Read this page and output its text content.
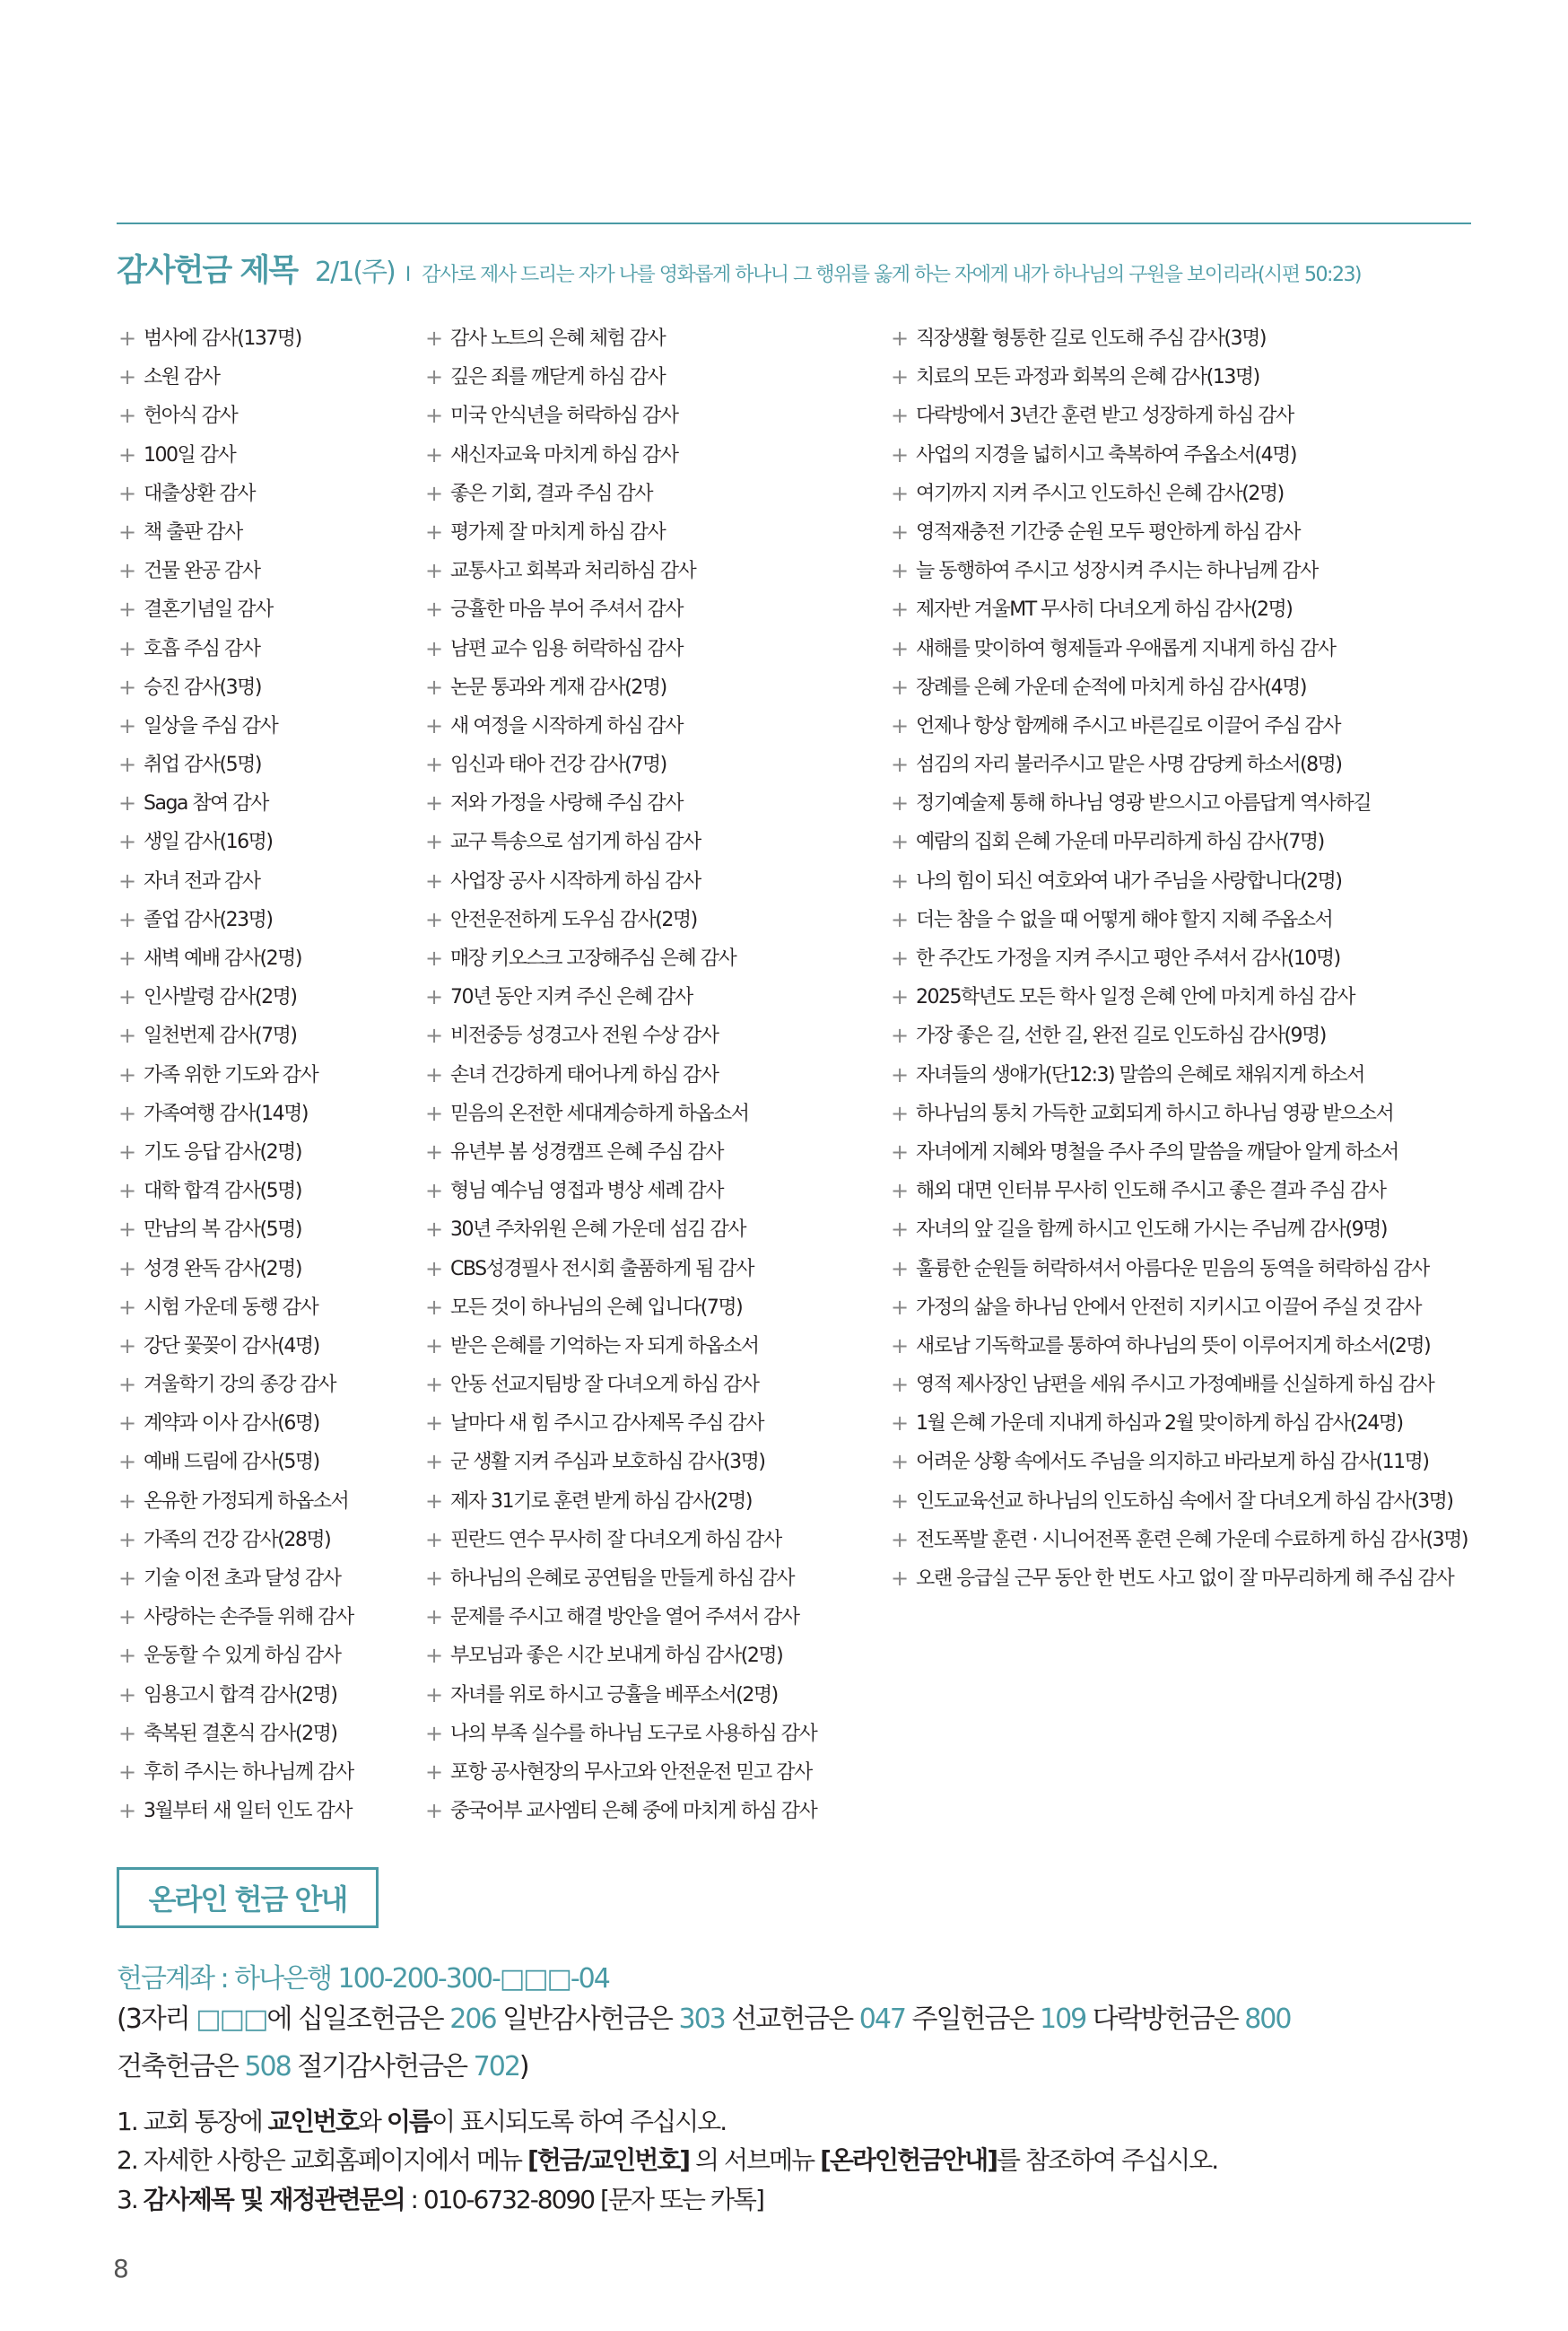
감사헌금 제목 2/1(주) I 감사로 제사 드리는 자가 나를 영화롭게 하나니 그 행위를 옳게 하는 자에게 내가 하나님의 구원을 보이리라(시편 50:23)
+ 범사에 감사(137명)
+ 소원 감사
+ 헌아식 감사
+ 100일 감사
+ 대출상환 감사
+ 책 출판 감사
+ 건물 완공 감사
+ 결혼기념일 감사
+ 호흡 주심 감사
+ 승진 감사(3명)
+ 일상을 주심 감사
+ 취업 감사(5명)
+ Saga 참여 감사
+ 생일 감사(16명)
+ 자녀 전과 감사
+ 졸업 감사(23명)
+ 새벽 예배 감사(2명)
+ 인사발령 감사(2명)
+ 일천번제 감사(7명)
+ 가족 위한 기도와 감사
+ 가족여행 감사(14명)
+ 기도 응답 감사(2명)
+ 대학 합격 감사(5명)
+ 만남의 복 감사(5명)
+ 성경 완독 감사(2명)
+ 시험 가운데 동행 감사
+ 강단 꽃꽂이 감사(4명)
+ 겨울학기 강의 종강 감사
+ 계약과 이사 감사(6명)
+ 예배 드림에 감사(5명)
+ 온유한 가정되게 하옵소서
+ 가족의 건강 감사(28명)
+ 기술 이전 초과 달성 감사
+ 사랑하는 손주들 위해 감사
+ 운동할 수 있게 하심 감사
+ 임용고시 합격 감사(2명)
+ 축복된 결혼식 감사(2명)
+ 후히 주시는 하나님께 감사
+ 3월부터 새 일터 인도 감사
+ 감사 노트의 은혜 체험 감사
+ 깊은 죄를 깨닫게 하심 감사
+ 미국 안식년을 허락하심 감사
+ 새신자교육 마치게 하심 감사
+ 좋은 기회, 결과 주심 감사
+ 평가제 잘 마치게 하심 감사
+ 교통사고 회복과 처리하심 감사
+ 긍휼한 마음 부어 주셔서 감사
+ 남편 교수 임용 허락하심 감사
+ 논문 통과와 게재 감사(2명)
+ 새 여정을 시작하게 하심 감사
+ 임신과 태아 건강 감사(7명)
+ 저와 가정을 사랑해 주심 감사
+ 교구 특송으로 섬기게 하심 감사
+ 사업장 공사 시작하게 하심 감사
+ 안전운전하게 도우심 감사(2명)
+ 매장 키오스크 고장해주심 은혜 감사
+ 70년 동안 지켜 주신 은혜 감사
+ 비전중등 성경고사 전원 수상 감사
+ 손녀 건강하게 태어나게 하심 감사
+ 믿음의 온전한 세대계승하게 하옵소서
+ 유년부 봄 성경캠프 은혜 주심 감사
+ 형님 예수님 영접과 병상 세례 감사
+ 30년 주차위원 은혜 가운데 섬김 감사
+ CBS성경필사 전시회 출품하게 됨 감사
+ 모든 것이 하나님의 은혜 입니다(7명)
+ 받은 은혜를 기억하는 자 되게 하옵소서
+ 안동 선교지팀방 잘 다녀오게 하심 감사
+ 날마다 새 힘 주시고 감사제목 주심 감사
+ 군 생활 지켜 주심과 보호하심 감사(3명)
+ 제자 31기로 훈련 받게 하심 감사(2명)
+ 핀란드 연수 무사히 잘 다녀오게 하심 감사
+ 하나님의 은혜로 공연팀을 만들게 하심 감사
+ 문제를 주시고 해결 방안을 열어 주셔서 감사
+ 부모님과 좋은 시간 보내게 하심 감사(2명)
+ 자녀를 위로 하시고 긍휼을 베푸소서(2명)
+ 나의 부족 실수를 하나님 도구로 사용하심 감사
+ 포항 공사현장의 무사고와 안전운전 믿고 감사
+ 중국어부 교사엠티 은혜 중에 마치게 하심 감사
+ 직장생활 형통한 길로 인도해 주심 감사(3명)
+ 치료의 모든 과정과 회복의 은혜 감사(13명)
+ 다락방에서 3년간 훈련 받고 성장하게 하심 감사
+ 사업의 지경을 넓히시고 축복하여 주옵소서(4명)
+ 여기까지 지켜 주시고 인도하신 은혜 감사(2명)
+ 영적재충전 기간중 순원 모두 평안하게 하심 감사
+ 늘 동행하여 주시고 성장시켜 주시는 하나님께 감사
+ 제자반 겨울MT 무사히 다녀오게 하심 감사(2명)
+ 새해를 맞이하여 형제들과 우애롭게 지내게 하심 감사
+ 장례를 은혜 가운데 순적에 마치게 하심 감사(4명)
+ 언제나 항상 함께해 주시고 바른길로 이끌어 주심 감사
+ 섬김의 자리 불러주시고 맡은 사명 감당케 하소서(8명)
+ 정기예술제 통해 하나님 영광 받으시고 아름답게 역사하길
+ 예람의 집회 은혜 가운데 마무리하게 하심 감사(7명)
+ 나의 힘이 되신 여호와여 내가 주님을 사랑합니다(2명)
+ 더는 참을 수 없을 때 어떻게 해야 할지 지혜 주옵소서
+ 한 주간도 가정을 지켜 주시고 평안 주셔서 감사(10명)
+ 2025학년도 모든 학사 일정 은혜 안에 마치게 하심 감사
+ 가장 좋은 길, 선한 길, 완전 길로 인도하심 감사(9명)
+ 자녀들의 생애가(단12:3) 말씀의 은혜로 채워지게 하소서
+ 하나님의 통치 가득한 교회되게 하시고 하나님 영광 받으소서
+ 자녀에게 지혜와 명철을 주사 주의 말씀을 깨달아 알게 하소서
+ 해외 대면 인터뷰 무사히 인도해 주시고 좋은 결과 주심 감사
+ 자녀의 앞 길을 함께 하시고 인도해 가시는 주님께 감사(9명)
+ 훌륭한 순원들 허락하셔서 아름다운 믿음의 동역을 허락하심 감사
+ 가정의 삶을 하나님 안에서 안전히 지키시고 이끌어 주실 것 감사
+ 새로남 기독학교를 통하여 하나님의 뜻이 이루어지게 하소서(2명)
+ 영적 제사장인 남편을 세워 주시고 가정예배를 신실하게 하심 감사
+ 1월 은혜 가운데 지내게 하심과 2월 맞이하게 하심 감사(24명)
+ 어려운 상황 속에서도 주님을 의지하고 바라보게 하심 감사(11명)
+ 인도교육선교 하나님의 인도하심 속에서 잘 다녀오게 하심 감사(3명)
+ 전도폭발 훈련 · 시니어전폭 훈련 은혜 가운데 수료하게 하심 감사(3명)
+ 오랜 응급실 근무 동안 한 번도 사고 없이 잘 마무리하게 해 주심 감사
온라인 헌금 안내
헌금계좌 : 하나은행 100-200-300-□□□-04
(3자리 □□□에 십일조헌금은 206 일반감사헌금은 303 선교헌금은 047 주일헌금은 109 다락방헌금은 800
건축헌금은 508 절기감사헌금은 702)
1. 교회 통장에 교인번호와 이름이 표시되도록 하여 주십시오.
2. 자세한 사항은 교회홈페이지에서 메뉴 [헌금/교인번호] 의 서브메뉴 [온라인헌금안내]를 참조하여 주십시오.
3. 감사제목 및 재정관련문의 : 010-6732-8090 [문자 또는 카톡]
8
